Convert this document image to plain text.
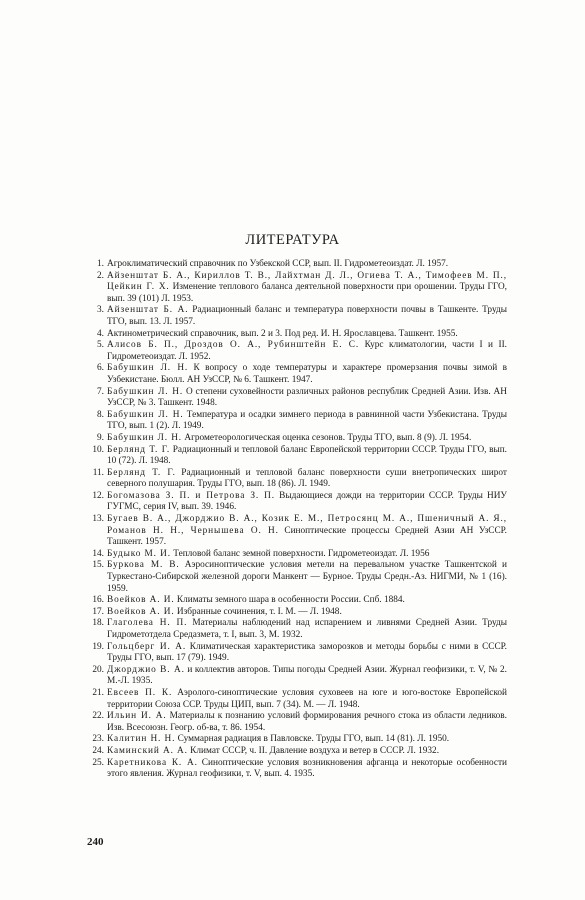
ЛИТЕРАТУРА
1. Агроклиматический справочник по Узбекской ССР, вып. II. Гидрометеоиздат. Л. 1957.
2. Айзенштат Б. А., Кириллов Т. В., Лайхтман Д. Л., Огиева Т. А., Тимофеев М. П., Цейкин Г. Х. Изменение теплового баланса деятельной поверхности при орошении. Труды ГГО, вып. 39 (101) Л. 1953.
3. Айзенштат Б. А. Радиационный баланс и температура поверхности почвы в Ташкенте. Труды ТГО, вып. 13. Л. 1957.
4. Актинометрический справочник, вып. 2 и 3. Под ред. И. Н. Ярославцева. Ташкент. 1955.
5. Алисов Б. П., Дроздов О. А., Рубинштейн Е. С. Курс климатологии, части I и II. Гидрометеоиздат. Л. 1952.
6. Бабушкин Л. Н. К вопросу о ходе температуры и характере промерзания почвы зимой в Узбекистане. Бюлл. АН УзССР, № 6. Ташкент. 1947.
7. Бабушкин Л. Н. О степени суховейности различных районов республик Средней Азии. Изв. АН УзССР, № 3. Ташкент. 1948.
8. Бабушкин Л. Н. Температура и осадки зимнего периода в равнинной части Узбекистана. Труды ТГО, вып. 1 (2). Л. 1949.
9. Бабушкин Л. Н. Агрометеорологическая оценка сезонов. Труды ТГО, вып. 8 (9). Л. 1954.
10. Берлянд Т. Г. Радиационный и тепловой баланс Европейской территории СССР. Труды ГГО, вып. 10 (72). Л. 1948.
11. Берлянд Т. Г. Радиационный и тепловой баланс поверхности суши внетропических широт северного полушария. Труды ГГО, вып. 18 (86). Л. 1949.
12. Богомазова З. П. и Петрова З. П. Выдающиеся дожди на территории СССР. Труды НИУ ГУГМС, серия IV, вып. 39. 1946.
13. Бугаев В. А., Джорджио В. А., Козик Е. М., Петросянц М. А., Пшеничный А. Я., Романов Н. Н., Чернышева О. Н. Синоптические процессы Средней Азии АН УзССР. Ташкент. 1957.
14. Будыко М. И. Тепловой баланс земной поверхности. Гидрометеоиздат. Л. 1956
15. Буркова М. В. Аэросиноптические условия метели на перевальном участке Ташкентской и Туркестано-Сибирской железной дороги Манкент — Бурное. Труды Средн.-Аз. НИГМИ, № 1 (16). 1959.
16. Воейков А. И. Климаты земного шара в особенности России. Спб. 1884.
17. Воейков А. И. Избранные сочинения, т. I. М. — Л. 1948.
18. Глаголева Н. П. Материалы наблюдений над испарением и ливнями Средней Азии. Труды Гидрометотдела Средазмета, т. I, вып. 3, М. 1932.
19. Гольцберг И. А. Климатическая характеристика заморозков и методы борьбы с ними в СССР. Труды ГГО, вып. 17 (79). 1949.
20. Джорджио В. А. и коллектив авторов. Типы погоды Средней Азии. Журнал геофизики, т. V, № 2. М.-Л. 1935.
21. Евсеев П. К. Аэролого-синоптические условия суховеев на юге и юго-востоке Европейской территории Союза ССР. Труды ЦИП, вып. 7 (34). М. — Л. 1948.
22. Ильин И. А. Материалы к познанию условий формирования речного стока из области ледников. Изв. Всесоюзн. Геогр. об-ва, т. 86. 1954.
23. Калитин Н. Н. Суммарная радиация в Павловске. Труды ГГО, вып. 14 (81). Л. 1950.
24. Каминский А. А. Климат СССР, ч. II. Давление воздуха и ветер в СССР. Л. 1932.
25. Каретникова К. А. Синоптические условия возникновения афганца и некоторые особенности этого явления. Журнал геофизики, т. V, вып. 4. 1935.
240
